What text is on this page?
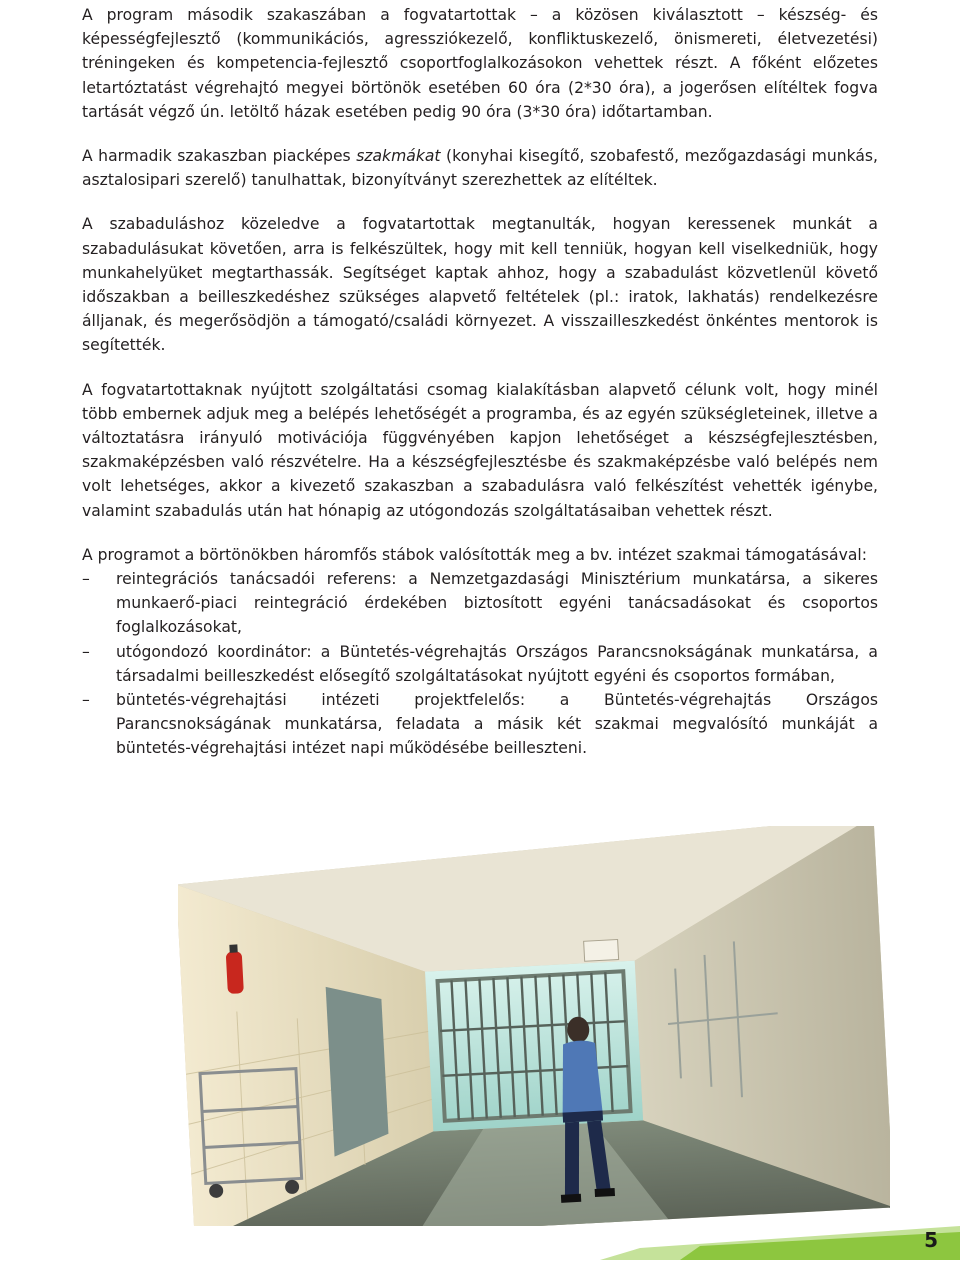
A program második szakaszában a fogvatartottak – a közösen kiválasztott – készség- és képességfejlesztő (kommunikációs, agressziókezelő, konfliktuskezelő, önismereti, életvezetési) tréningeken és kompetencia-fejlesztő csoportfoglalkozásokon vehettek részt. A főként előzetes letartóztatást végrehajtó megyei börtönök esetében 60 óra (2*30 óra), a jogerősen elítéltek fogva tartását végző ún. letöltő házak esetében pedig 90 óra (3*30 óra) időtartamban.

A harmadik szakaszban piacképes szakmákat (konyhai kisegítő, szobafestő, mezőgazdasági munkás, asztalosipari szerelő) tanulhattak, bizonyítványt szerezhettek az elítéltek.

A szabaduláshoz közeledve a fogvatartottak megtanulták, hogyan keressenek munkát a szabadulásukat követően, arra is felkészültek, hogy mit kell tenniük, hogyan kell viselkedniük, hogy munkahelyüket megtarthassák. Segítséget kaptak ahhoz, hogy a szabadulást közvetlenül követő időszakban a beilleszkedéshez szükséges alapvető feltételek (pl.: iratok, lakhatás) rendelkezésre álljanak, és megerősödjön a támogató/családi környezet. A visszailleszkedést önkéntes mentorok is segítették.

A fogvatartottaknak nyújtott szolgáltatási csomag kialakításban alapvető célunk volt, hogy minél több embernek adjuk meg a belépés lehetőségét a programba, és az egyén szükségleteinek, illetve a változtatásra irányuló motivációja függvényében kapjon lehetőséget a készségfejlesztésben, szakmaképzésben való részvételre. Ha a készségfejlesztésbe és szakmaképzésbe való belépés nem volt lehetséges, akkor a kivezető szakaszban a szabadulásra való felkészítést vehették igénybe, valamint szabadulás után hat hónapig az utógondozás szolgáltatásaiban vehettek részt.

A programot a börtönökben háromfős stábok valósították meg a bv. intézet szakmai támogatásával:

– reintegrációs tanácsadói referens: a Nemzetgazdasági Minisztérium munkatársa, a sikeres munkaerő-piaci reintegráció érdekében biztosított egyéni tanácsadásokat és csoportos foglalkozásokat,
– utógondozó koordinátor: a Büntetés-végrehajtás Országos Parancsnokságának munkatársa, a társadalmi beilleszkedést elősegítő szolgáltatásokat nyújtott egyéni és csoportos formában,
– büntetés-végrehajtási intézeti projektfelelős: a Büntetés-végrehajtás Országos Parancsnokságának munkatársa, feladata a másik két szakmai megvalósító munkáját a büntetés-végrehajtási intézet napi működésébe beilleszteni.
5
